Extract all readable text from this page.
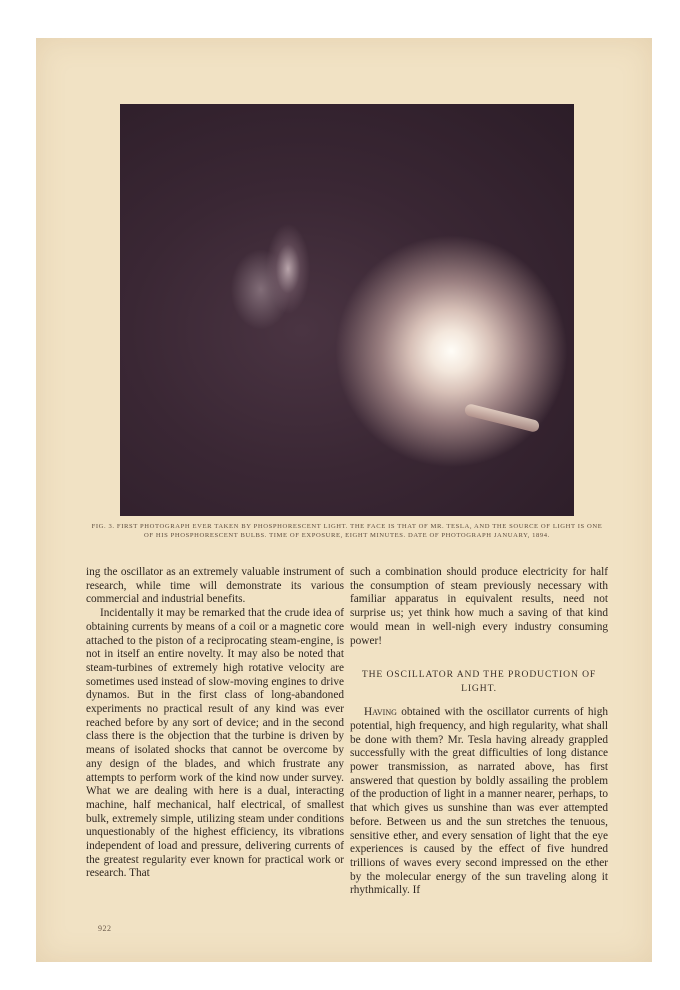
FIG. 3. FIRST PHOTOGRAPH EVER TAKEN BY PHOSPHORESCENT LIGHT. THE FACE IS THAT OF MR. TESLA, AND THE SOURCE OF LIGHT IS ONE OF HIS PHOSPHORESCENT BULBS. TIME OF EXPOSURE, EIGHT MINUTES. DATE OF PHOTOGRAPH JANUARY, 1894.

ing the oscillator as an extremely valuable instrument of research, while time will demonstrate its various commercial and industrial benefits.

Incidentally it may be remarked that the crude idea of obtaining currents by means of a coil or a magnetic core attached to the piston of a reciprocating steam-engine, is not in itself an entire novelty. It may also be noted that steam-turbines of extremely high rotative velocity are sometimes used instead of slow-moving engines to drive dynamos. But in the first class of long-abandoned experiments no practical result of any kind was ever reached before by any sort of device; and in the second class there is the objection that the turbine is driven by means of isolated shocks that cannot be overcome by any design of the blades, and which frustrate any attempts to perform work of the kind now under survey. What we are dealing with here is a dual, interacting machine, half mechanical, half electrical, of smallest bulk, extremely simple, utilizing steam under conditions unquestionably of the highest efficiency, its vibrations independent of load and pressure, delivering currents of the greatest regularity ever known for practical work or research. That

such a combination should produce electricity for half the consumption of steam previously necessary with familiar apparatus in equivalent results, need not surprise us; yet think how much a saving of that kind would mean in well-nigh every industry consuming power!

THE OSCILLATOR AND THE PRODUCTION OF LIGHT.

Having obtained with the oscillator currents of high potential, high frequency, and high regularity, what shall be done with them? Mr. Tesla having already grappled successfully with the great difficulties of long distance power transmission, as narrated above, has first answered that question by boldly assailing the problem of the production of light in a manner nearer, perhaps, to that which gives us sunshine than was ever attempted before. Between us and the sun stretches the tenuous, sensitive ether, and every sensation of light that the eye experiences is caused by the effect of five hundred trillions of waves every second impressed on the ether by the molecular energy of the sun traveling along it rhythmically. If

922
